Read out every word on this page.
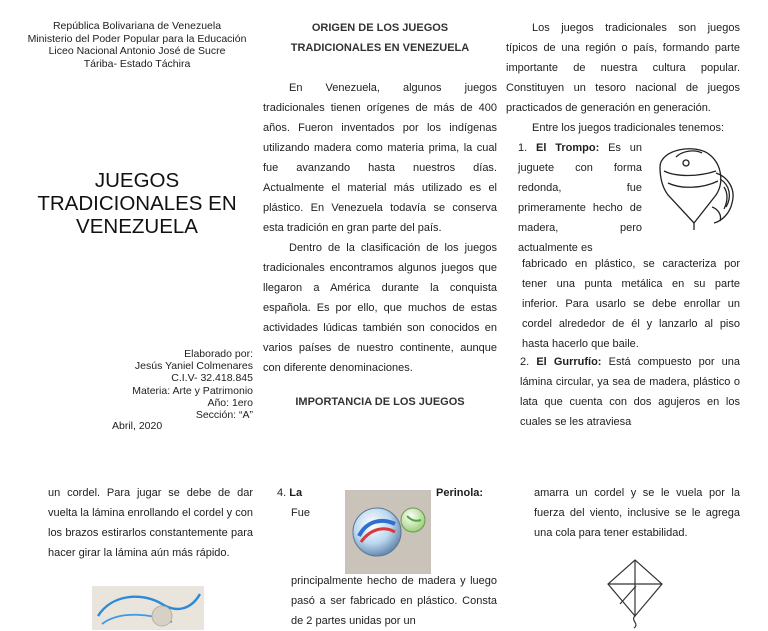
República Bolivariana de Venezuela
Ministerio del Poder Popular para la Educación
Liceo Nacional Antonio José de Sucre
Táriba- Estado Táchira
JUEGOS
TRADICIONALES EN
VENEZUELA
Elaborado por:
Jesús Yaniel Colmenares
C.I.V- 32.418.845
Materia: Arte y Patrimonio
Año: 1ero
Sección: “A”
Abril, 2020
ORIGEN DE LOS JUEGOS
TRADICIONALES EN VENEZUELA

En Venezuela, algunos juegos tradicionales tienen orígenes de más de 400 años. Fueron inventados por los indígenas utilizando madera como materia prima, la cual fue avanzando hasta nuestros días. Actualmente el material más utilizado es el plástico. En Venezuela todavía se conserva esta tradición en gran parte del país.

Dentro de la clasificación de los juegos tradicionales encontramos algunos juegos que llegaron a América durante la conquista española. Es por ello, que muchos de estas actividades lúdicas también son conocidos en varios países de nuestro continente, aunque con diferente denominaciones.

IMPORTANCIA DE LOS JUEGOS

Los juegos tradicionales son juegos típicos de una región o país, formando parte importante de nuestra cultura popular. Constituyen un tesoro nacional de juegos practicados de generación en generación.

Entre los juegos tradicionales tenemos:

1. El Trompo: Es un juguete con forma redonda, fue primeramente hecho de madera, pero actualmente es
fabricado en plástico, se caracteriza por tener una punta metálica en su parte inferior. Para usarlo se debe enrollar un cordel alrededor de él y lanzarlo al piso hasta hacerlo que baile.
2. El Gurrufío: Está compuesto por una lámina circular, ya sea de madera, plástico o lata que cuenta con dos agujeros en los cuales se les atraviesa
un cordel. Para jugar se debe de dar vuelta la lámina enrollando el cordel y con los brazos estirarlos constantemente para hacer girar la lámina aún más rápido.
4. La	Perinola:
Fue
principalmente hecho de madera y luego pasó a ser fabricado en plástico. Consta de 2 partes unidas por un
amarra un cordel y se le vuela por la fuerza del viento, inclusive se le agrega una cola para tener estabilidad.
